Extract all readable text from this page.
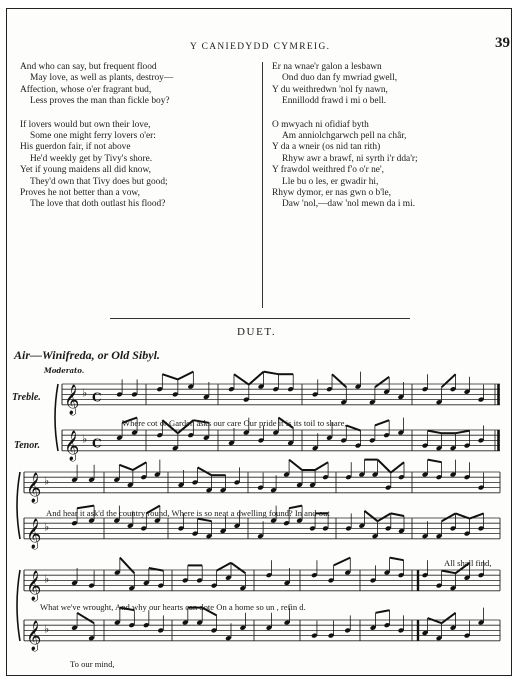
Y CANIEDYDD CYMREIG.	39
And who can say, but frequent flood
May love, as well as plants, destroy—
Affection, whose o'er fragrant bud,
Less proves the man than fickle boy?
If lovers would but own their love,
Some one might ferry lovers o'er:
His guerdon fair, if not above
He'd weekly get by Tivy's shore.
Yet if young maidens all did know,
They'd own that Tivy does but good;
Proves he not better than a vow,
The love that doth outlast his flood?
Er na wnae'r galon a lesbawn
Ond duo dan fy mwriad gwell,
Y du weithredwn 'nol fy nawn,
Ennillodd frawd i mi o bell.
O mwyach ni ofidiaf byth
Am anniolchgarwch pell na châr,
Y da a wneir (os nid tan rith)
Rhyw awr a brawf, ni syrth i'r dda'r;
Y frawdol weithred f'o o'r ne',
Lle bu o les, er gwadir hi,
Rhyw dymor, er nas gwn o b'le,
Daw 'nol,—daw 'nol mewn da i mi.
DUET.
Air—Winifreda, or Old Sibyl.
Moderato.
Treble.
Tenor.
𝄞 ♭ C
𝄞 ♭ C
𝄞 ♭
𝄞 ♭
𝄞 ♭
𝄞 ♭
Where cot or Garden asks our care Our pride it is its toil to share,
And hear it ask'd the country round, Where is so neat a dwelling found? In and out
All shall find,
What we've wrought, And why our hearts can dote On a home so un , refin d.
To our mind,
